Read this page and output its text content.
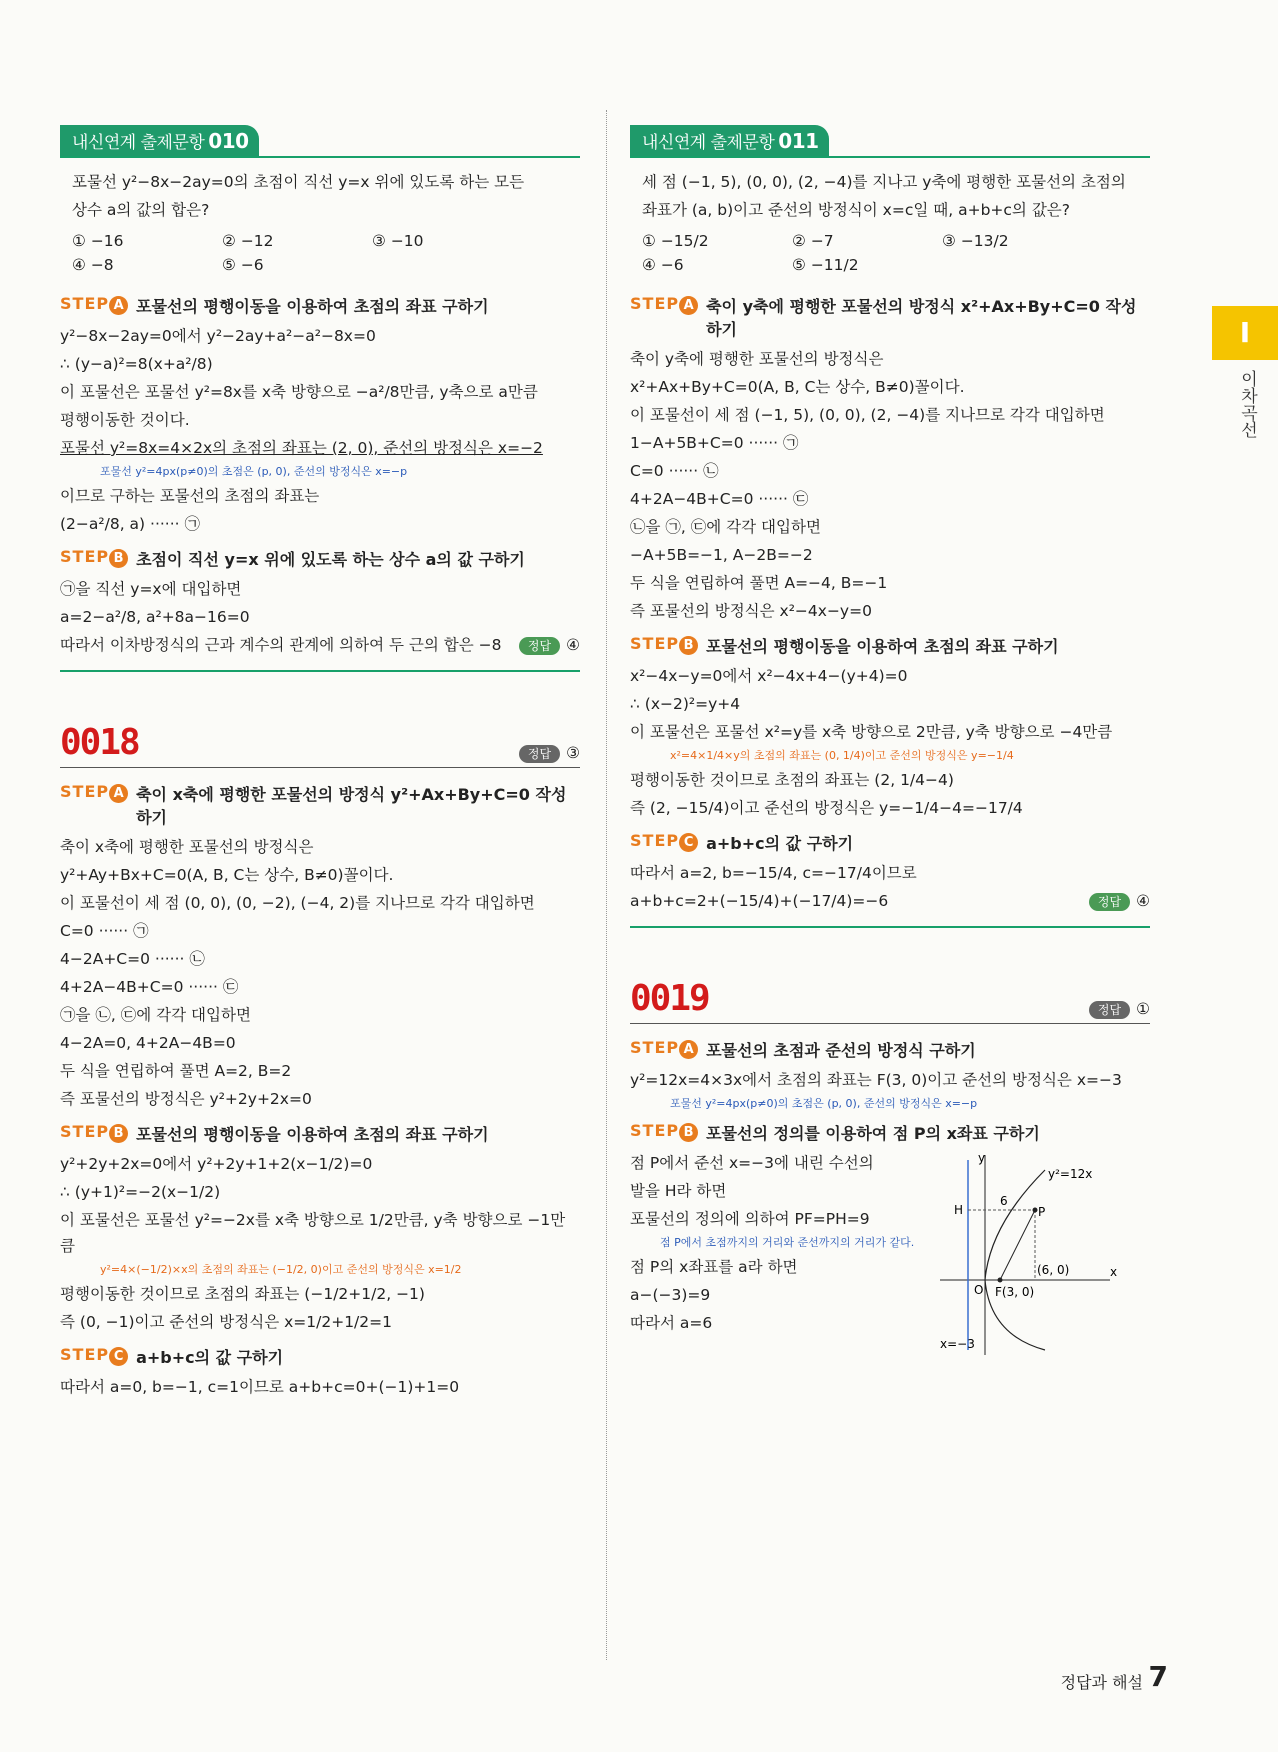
내신연계 출제문항 010
포물선 y²−8x−2ay=0의 초점이 직선 y=x 위에 있도록 하는 모든
상수 a의 값의 합은?
① −16	② −12	③ −10
④ −8	⑤ −6
STEP A 포물선의 평행이동을 이용하여 초점의 좌표 구하기
y²−8x−2ay=0에서 y²−2ay+a²−a²−8x=0
∴ (y−a)²=8(x+a²/8)
이 포물선은 포물선 y²=8x를 x축 방향으로 −a²/8만큼, y축으로 a만큼
평행이동한 것이다.
포물선 y²=8x=4×2x의 초점의 좌표는 (2, 0), 준선의 방정식은 x=−2
포물선 y²=4px(p≠0)의 초점은 (p, 0), 준선의 방정식은 x=−p
이므로 구하는 포물선의 초점의 좌표는
(2−a²/8, a) ······ ㉠
STEP B 초점이 직선 y=x 위에 있도록 하는 상수 a의 값 구하기
㉠을 직선 y=x에 대입하면
a=2−a²/8, a²+8a−16=0
따라서 이차방정식의 근과 계수의 관계에 의하여 두 근의 합은 −8	정답 ④
0018	정답 ③
STEP A 축이 x축에 평행한 포물선의 방정식 y²+Ax+By+C=0 작성하기
축이 x축에 평행한 포물선의 방정식은
y²+Ay+Bx+C=0(A, B, C는 상수, B≠0)꼴이다.
이 포물선이 세 점 (0, 0), (0, −2), (−4, 2)를 지나므로 각각 대입하면
C=0 ······ ㉠
4−2A+C=0 ······ ㉡
4+2A−4B+C=0 ······ ㉢
㉠을 ㉡, ㉢에 각각 대입하면
4−2A=0, 4+2A−4B=0
두 식을 연립하여 풀면 A=2, B=2
즉 포물선의 방정식은 y²+2y+2x=0
STEP B 포물선의 평행이동을 이용하여 초점의 좌표 구하기
y²+2y+2x=0에서 y²+2y+1+2(x−1/2)=0
∴ (y+1)²=−2(x−1/2)
이 포물선은 포물선 y²=−2x를 x축 방향으로 1/2만큼, y축 방향으로 −1만큼
y²=4×(−1/2)×x의 초점의 좌표는 (−1/2, 0)이고 준선의 방정식은 x=1/2
평행이동한 것이므로 초점의 좌표는 (−1/2+1/2, −1)
즉 (0, −1)이고 준선의 방정식은 x=1/2+1/2=1
STEP C a+b+c의 값 구하기
따라서 a=0, b=−1, c=1이므로 a+b+c=0+(−1)+1=0
내신연계 출제문항 011
세 점 (−1, 5), (0, 0), (2, −4)를 지나고 y축에 평행한 포물선의 초점의
좌표가 (a, b)이고 준선의 방정식이 x=c일 때, a+b+c의 값은?
① −15/2	② −7	③ −13/2
④ −6	⑤ −11/2
STEP A 축이 y축에 평행한 포물선의 방정식 x²+Ax+By+C=0 작성하기
축이 y축에 평행한 포물선의 방정식은
x²+Ax+By+C=0(A, B, C는 상수, B≠0)꼴이다.
이 포물선이 세 점 (−1, 5), (0, 0), (2, −4)를 지나므로 각각 대입하면
1−A+5B+C=0 ······ ㉠
C=0 ······ ㉡
4+2A−4B+C=0 ······ ㉢
㉡을 ㉠, ㉢에 각각 대입하면
−A+5B=−1, A−2B=−2
두 식을 연립하여 풀면 A=−4, B=−1
즉 포물선의 방정식은 x²−4x−y=0
STEP B 포물선의 평행이동을 이용하여 초점의 좌표 구하기
x²−4x−y=0에서 x²−4x+4−(y+4)=0
∴ (x−2)²=y+4
이 포물선은 포물선 x²=y를 x축 방향으로 2만큼, y축 방향으로 −4만큼
x²=4×1/4×y의 초점의 좌표는 (0, 1/4)이고 준선의 방정식은 y=−1/4
평행이동한 것이므로 초점의 좌표는 (2, 1/4−4)
즉 (2, −15/4)이고 준선의 방정식은 y=−1/4−4=−17/4
STEP C a+b+c의 값 구하기
따라서 a=2, b=−15/4, c=−17/4이므로
a+b+c=2+(−15/4)+(−17/4)=−6	정답 ④
0019	정답 ①
STEP A 포물선의 초점과 준선의 방정식 구하기
y²=12x=4×3x에서 초점의 좌표는 F(3, 0)이고 준선의 방정식은 x=−3
포물선 y²=4px(p≠0)의 초점은 (p, 0), 준선의 방정식은 x=−p
STEP B 포물선의 정의를 이용하여 점 P의 x좌표 구하기
점 P에서 준선 x=−3에 내린 수선의
발을 H라 하면
포물선의 정의에 의하여 PF=PH=9
점 P에서 초점까지의 거리와 준선까지의 거리가 같다.
점 P의 x좌표를 a라 하면
a−(−3)=9
따라서 a=6
y
x
y²=12x
H	P
O
6
(6, 0)
F(3, 0)
x=−3
I
이차곡선
정답과 해설 7
